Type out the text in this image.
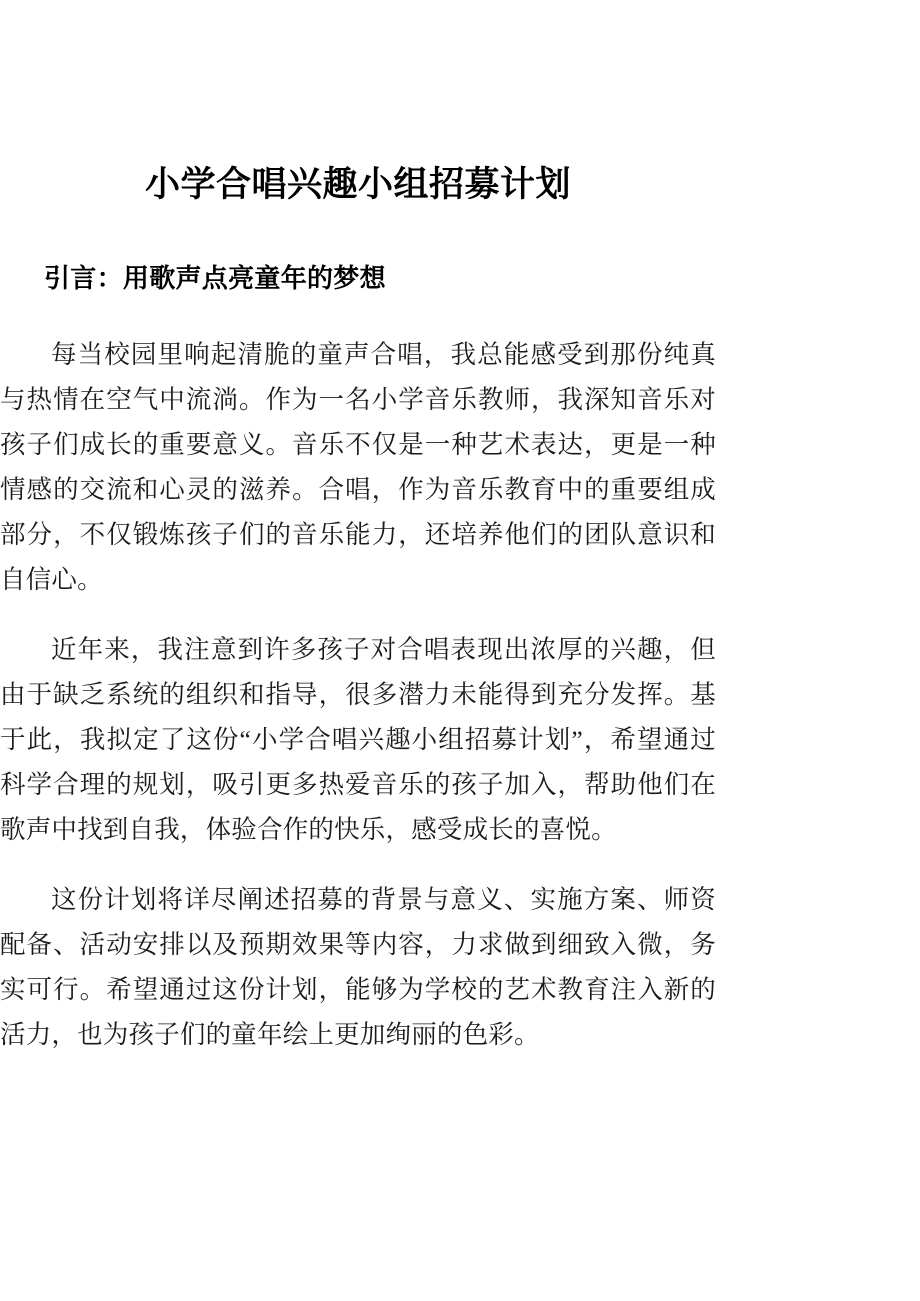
小学合唱兴趣小组招募计划
引言：用歌声点亮童年的梦想

每当校园里响起清脆的童声合唱，我总能感受到那份纯真与热情在空气中流淌。作为一名小学音乐教师，我深知音乐对孩子们成长的重要意义。音乐不仅是一种艺术表达，更是一种情感的交流和心灵的滋养。合唱，作为音乐教育中的重要组成部分，不仅锻炼孩子们的音乐能力，还培养他们的团队意识和自信心。

近年来，我注意到许多孩子对合唱表现出浓厚的兴趣，但由于缺乏系统的组织和指导，很多潜力未能得到充分发挥。基于此，我拟定了这份“小学合唱兴趣小组招募计划”，希望通过科学合理的规划，吸引更多热爱音乐的孩子加入，帮助他们在歌声中找到自我，体验合作的快乐，感受成长的喜悦。

这份计划将详尽阐述招募的背景与意义、实施方案、师资配备、活动安排以及预期效果等内容，力求做到细致入微，务实可行。希望通过这份计划，能够为学校的艺术教育注入新的活力，也为孩子们的童年绘上更加绚丽的色彩。
